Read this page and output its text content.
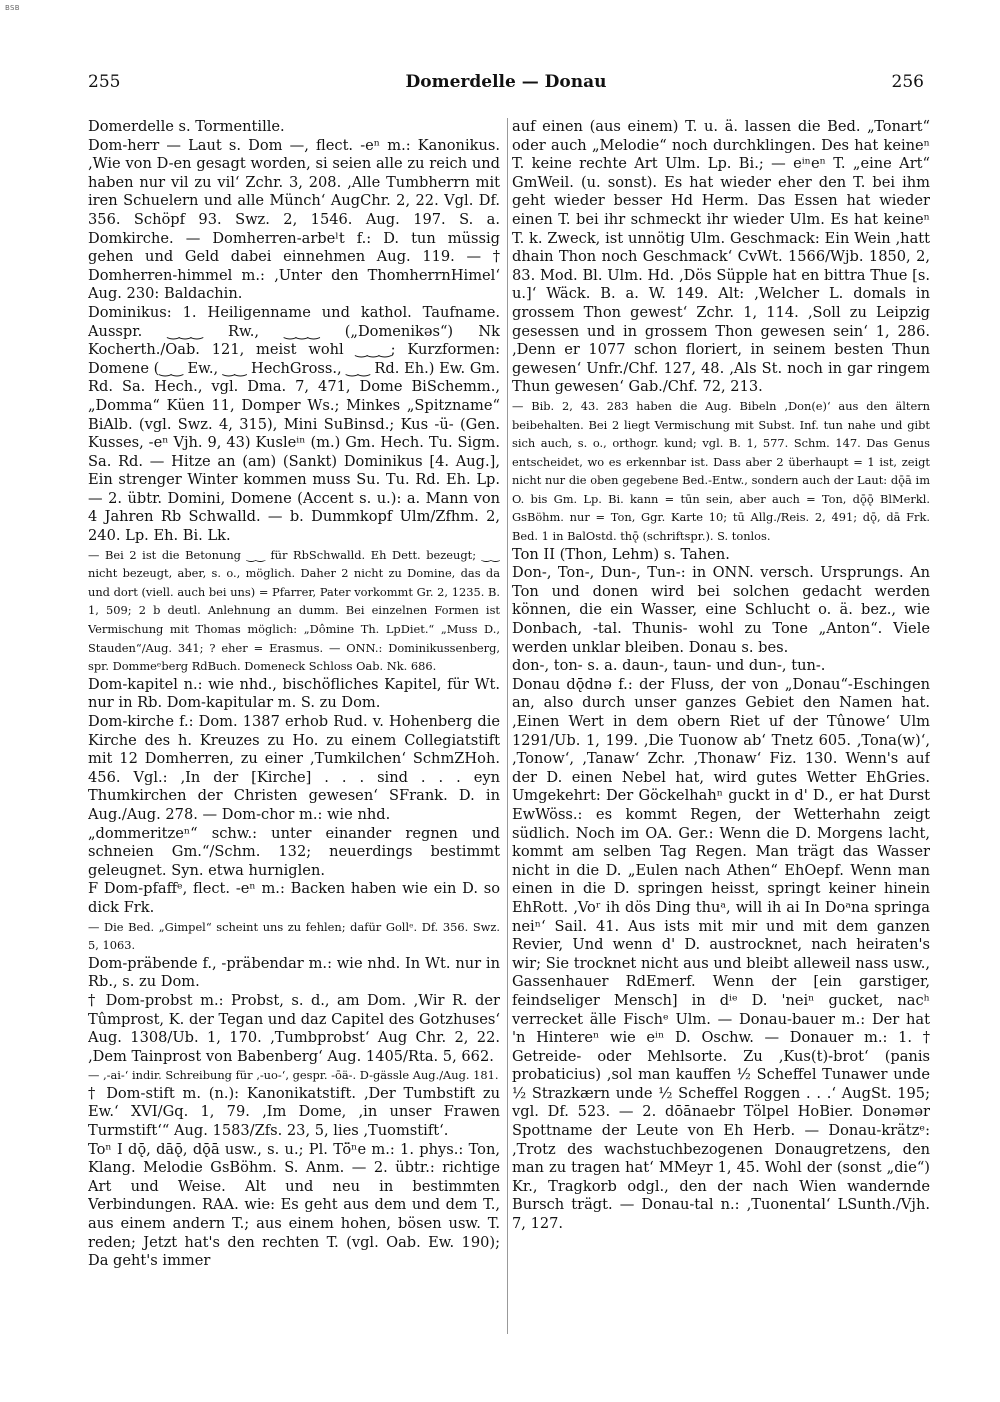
BSB
255	Domerdelle — Donau	256

Domerdelle s. Tormentille.

Dom-herr — Laut s. Dom —, flect. -eⁿ m.: Kanonikus. ‚Wie von D-en gesagt worden, si seien alle zu reich und haben nur vil zu vil‘ Zchr. 3, 208. ‚Alle Tumbherrn mit iren Schuelern und alle Münch‘ AugChr. 2, 22. Vgl. Df. 356. Schöpf 93. Swz. 2, 1546. Aug. 197. S. a. Domkirche. — Domherren-arbeˡt f.: D. tun müssig gehen und Geld dabei einnehmen Aug. 119. — † Domherren-himmel m.: ‚Unter den ThomherrnHimel‘ Aug. 230: Baldachin.

Dominikus: 1. Heiligenname und kathol. Taufname. Ausspr. ‿‿‿ Rw., ‿‿‿ („Domenikəs“) Nk Kocherth./Oab. 121, meist wohl ‿‿‿; Kurzformen: Domene (‿‿ Ew., ‿‿ HechGross., ‿‿ Rd. Eh.) Ew. Gm. Rd. Sa. Hech., vgl. Dma. 7, 471, Dome BiSchemm., „Domma“ Küen 11, Domper Ws.; Minkes „Spitzname“ BiAlb. (vgl. Swz. 4, 315), Mini SuBinsd.; Kus -ü- (Gen. Kusses, -eⁿ Vjh. 9, 43) Kusleⁱⁿ (m.) Gm. Hech. Tu. Sigm. Sa. Rd. — Hitze an (am) (Sankt) Dominikus [4. Aug.], Ein strenger Winter kommen muss Su. Tu. Rd. Eh. Lp. — 2. übtr. Domini, Domene (Accent s. u.): a. Mann von 4 Jahren Rb Schwalld. — b. Dummkopf Ulm/Zfhm. 2, 240. Lp. Eh. Bi. Lk.

— Bei 2 ist die Betonung ‿‿ für RbSchwalld. Eh Dett. bezeugt; ‿‿ nicht bezeugt, aber, s. o., möglich. Daher 2 nicht zu Domine, das da und dort (viell. auch bei uns) = Pfarrer, Pater vorkommt Gr. 2, 1235. B. 1, 509; 2 b deutl. Anlehnung an dumm. Bei einzelnen Formen ist Vermischung mit Thomas möglich: „Dômine Th. LpDiet.“ „Muss D., Stauden“/Aug. 341; ? eher = Erasmus. — ONN.: Dominikussenberg, spr. Dommeᵉberg RdBuch. Domeneck Schloss Oab. Nk. 686.

Dom-kapitel n.: wie nhd., bischöfliches Kapitel, für Wt. nur in Rb. Dom-kapitular m. S. zu Dom.

Dom-kirche f.: Dom. 1387 erhob Rud. v. Hohenberg die Kirche des h. Kreuzes zu Ho. zu einem Collegiatstift mit 12 Domherren, zu einer ‚Tumkilchen‘ SchmZHoh. 456. Vgl.: ‚In der [Kirche] . . . sind . . . eyn Thumkirchen der Christen gewesen‘ SFrank. D. in Aug./Aug. 278. — Dom-chor m.: wie nhd.

„dommeritzeⁿ“ schw.: unter einander regnen und schneien Gm.“/Schm. 132; neuerdings bestimmt geleugnet. Syn. etwa hurniglen.

F Dom-pfaffᵉ, flect. -eⁿ m.: Backen haben wie ein D. so dick Frk.

— Die Bed. „Gimpel“ scheint uns zu fehlen; dafür Gollᵉ. Df. 356. Swz. 5, 1063.

Dom-präbende f., -präbendar m.: wie nhd. In Wt. nur in Rb., s. zu Dom.

† Dom-probst m.: Probst, s. d., am Dom. ‚Wir R. der Tûmprost, K. der Tegan und daz Capitel des Gotzhuses‘ Aug. 1308/Ub. 1, 170. ‚Tumbprobst‘ Aug Chr. 2, 22. ‚Dem Tainprost von Babenberg‘ Aug. 1405/Rta. 5, 662.

— ‚-ai-‘ indir. Schreibung für ‚-uo-‘, gespr. -ōä-. D-gässle Aug./Aug. 181.

† Dom-stift m. (n.): Kanonikatstift. ‚Der Tumbstift zu Ew.‘ XVI/Gq. 1, 79. ‚Im Dome, ‚in unser Frawen Turmstift‘“ Aug. 1583/Zfs. 23, 5, lies ‚Tuomstift‘.

Toⁿ I dǭ, dāǭ, dǭā usw., s. u.; Pl. Tö̈ⁿe m.: 1. phys.: Ton, Klang. Melodie GsBöhm. S. Anm. — 2. übtr.: richtige Art und Weise. Alt und neu in bestimmten Verbindungen. RAA. wie: Es geht aus dem und dem T., aus einem andern T.; aus einem hohen, bösen usw. T. reden; Jetzt hat's den rechten T. (vgl. Oab. Ew. 190); Da geht's immer

auf einen (aus einem) T. u. ä. lassen die Bed. „Tonart“ oder auch „Melodie“ noch durchklingen. Des hat keineⁿ T. keine rechte Art Ulm. Lp. Bi.; — eⁱⁿeⁿ T. „eine Art“ GmWeil. (u. sonst). Es hat wieder eher den T. bei ihm geht wieder besser Hd Herm. Das Essen hat wieder einen T. bei ihr schmeckt ihr wieder Ulm. Es hat keineⁿ T. k. Zweck, ist unnötig Ulm. Geschmack: Ein Wein ‚hatt dhain Thon noch Geschmack‘ CvWt. 1566/Wjb. 1850, 2, 83. Mod. Bl. Ulm. Hd. ‚Dös Süpple hat en bittra Thue [s. u.]‘ Wäck. B. a. W. 149. Alt: ‚Welcher L. domals in grossem Thon gewest‘ Zchr. 1, 114. ‚Soll zu Leipzig gesessen und in grossem Thon gewesen sein‘ 1, 286. ‚Denn er 1077 schon floriert, in seinem besten Thun gewesen‘ Unfr./Chf. 127, 48. ‚Als St. noch in gar ringem Thun gewesen‘ Gab./Chf. 72, 213.

— Bib. 2, 43. 283 haben die Aug. Bibeln ‚Don(e)‘ aus den ältern beibehalten. Bei 2 liegt Vermischung mit Subst. Inf. tun nahe und gibt sich auch, s. o., orthogr. kund; vgl. B. 1, 577. Schm. 147. Das Genus entscheidet, wo es erkennbar ist. Dass aber 2 überhaupt = 1 ist, zeigt nicht nur die oben gegebene Bed.-Entw., sondern auch der Laut: dǭā im O. bis Gm. Lp. Bi. kann = tūn sein, aber auch = Ton, dǭǭ BlMerkl. GsBöhm. nur = Ton, Ggr. Karte 10; tū Allg./Reis. 2, 491; dǭ, dā Frk. Bed. 1 in BalOstd. thǭ (schriftspr.). S. tonlos.

Ton II (Thon, Lehm) s. Tahen.

Don-, Ton-, Dun-, Tun-: in ONN. versch. Ursprungs. An Ton und donen wird bei solchen gedacht werden können, die ein Wasser, eine Schlucht o. ä. bez., wie Donbach, -tal. Thunis- wohl zu Tone „Anton“. Viele werden unklar bleiben. Donau s. bes.

don-, ton- s. a. daun-, taun- und dun-, tun-.

Donau dǭdnə f.: der Fluss, der von „Donau“-Eschingen an, also durch unser ganzes Gebiet den Namen hat. ‚Einen Wert in dem obern Riet uf der Tûnowe‘ Ulm 1291/Ub. 1, 199. ‚Die Tuonow ab‘ Tnetz 605. ‚Tona(w)‘, ‚Tonow‘, ‚Tanaw‘ Zchr. ‚Thonaw‘ Fiz. 130. Wenn's auf der D. einen Nebel hat, wird gutes Wetter EhGries. Umgekehrt: Der Göckelhahⁿ guckt in d' D., er hat Durst EwWöss.: es kommt Regen, der Wetterhahn zeigt südlich. Noch im OA. Ger.: Wenn die D. Morgens lacht, kommt am selben Tag Regen. Man trägt das Wasser nicht in die D. „Eulen nach Athen“ EhOepf. Wenn man einen in die D. springen heisst, springt keiner hinein EhRott. ‚Voʳ ih dös Ding thuᵃ, will ih ai In Doᵃna springa neiⁿ‘ Sail. 41. Aus ists mit mir und mit dem ganzen Revier, Und wenn d' D. austrocknet, nach heiraten's wir; Sie trocknet nicht aus und bleibt alleweil nass usw., Gassenhauer RdEmerf. Wenn der [ein garstiger, feindseliger Mensch] in dⁱᵉ D. 'neiⁿ gucket, nacʰ verrecket älle Fischᵉ Ulm. — Donau-bauer m.: Der hat 'n Hintereⁿ wie eⁱⁿ D. Oschw. — Donauer m.: 1. † Getreide- oder Mehlsorte. Zu ‚Kus(t)-brot‘ (panis probaticius) ‚sol man kauffen ½ Scheffel Tunawer unde ½ Strazkærn unde ½ Scheffel Roggen . . .‘ AugSt. 195; vgl. Df. 523. — 2. dōānaebr Tölpel HoBier. Donəmər Spottname der Leute von Eh Herb. — Donau-krätzᵉ: ‚Trotz des wachstuchbezogenen Donaugretzens, den man zu tragen hat‘ MMeyr 1, 45. Wohl der (sonst „die“) Kr., Tragkorb odgl., den der nach Wien wandernde Bursch trägt. — Donau-tal n.: ‚Tuonental‘ LSunth./Vjh. 7, 127.
